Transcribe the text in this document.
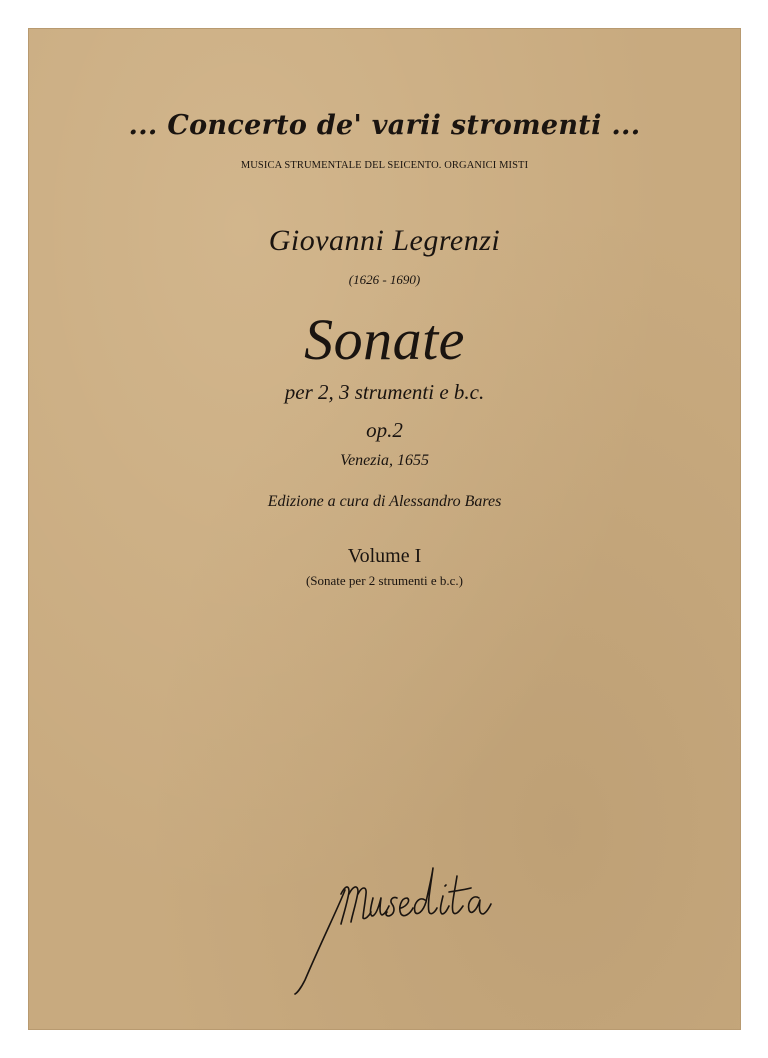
... Concerto de' varii stromenti ...
MUSICA STRUMENTALE DEL SEICENTO. ORGANICI MISTI
Giovanni Legrenzi
(1626 - 1690)
Sonate
per 2, 3 strumenti e b.c.
op.2
Venezia, 1655
Edizione a cura di Alessandro Bares
Volume I
(Sonate per 2 strumenti e b.c.)
